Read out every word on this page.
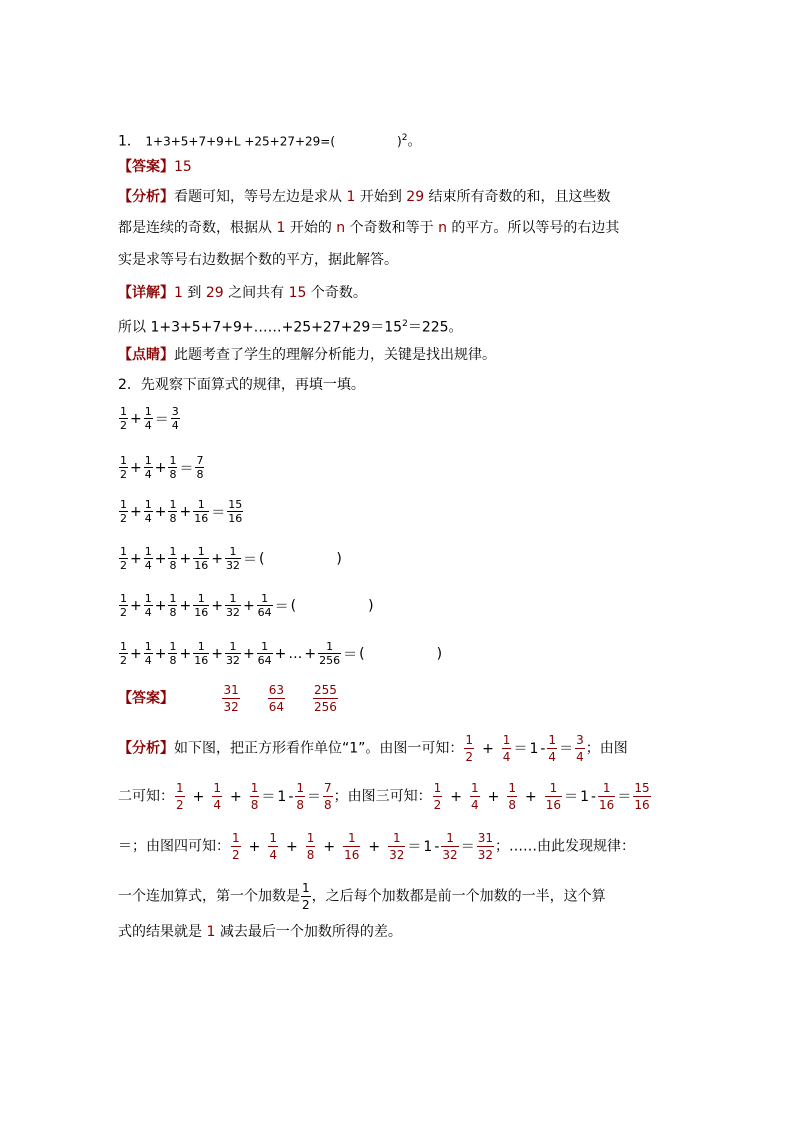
1． 1+3+5+7+9+L +25+27+29=(	)$^2$。
【答案】15
【分析】看题可知，等号左边是求从 1 开始到 29 结束所有奇数的和，且这些数
都是连续的奇数，根据从 1 开始的 n 个奇数和等于 n 的平方。所以等号的右边其
实是求等号右边数据个数的平方，据此解答。
【详解】1 到 29 之间共有 15 个奇数。
所以 $1+3+5+7+9+\dots\dots+25+27+29=15^2=225$。
【点睛】此题考查了学生的理解分析能力，关键是找出规律。
2．先观察下面算式的规律，再填一填。
$\frac{1}{2} + \frac{1}{4} = \frac{3}{4}$
$\frac{1}{2} + \frac{1}{4} + \frac{1}{8} = \frac{7}{8}$
$\frac{1}{2} + \frac{1}{4} + \frac{1}{8} + \frac{1}{16} = \frac{15}{16}$
$\frac{1}{2} + \frac{1}{4} + \frac{1}{8} + \frac{1}{16} + \frac{1}{32}$ ＝ (	)
$\frac{1}{2} + \frac{1}{4} + \frac{1}{8} + \frac{1}{16} + \frac{1}{32} + \frac{1}{64}$ ＝ (	)
$\frac{1}{2} + \frac{1}{4} + \frac{1}{8} + \frac{1}{16} + \frac{1}{32} + \frac{1}{64}$ + … + $\frac{1}{256}$ ＝ (	)
【答案】	$\frac{31}{32} \frac{63}{64} \frac{255}{256}$
【分析】如下图，把正方形看作单位“1”。由图一可知： $\frac{1}{2} + \frac{1}{4} = 1 - \frac{1}{4} = \frac{3}{4}$ ；由图
二可知： $\frac{1}{2} + \frac{1}{4} + \frac{1}{8} = 1 - \frac{1}{8} = \frac{7}{8}$ ；由图三可知： $\frac{1}{2} + \frac{1}{4} + \frac{1}{8} + \frac{1}{16} = 1 - \frac{1}{16} = \frac{15}{16}$
＝；由图四可知： $\frac{1}{2} + \frac{1}{4} + \frac{1}{8} + \frac{1}{16} + \frac{1}{32} = 1 - \frac{1}{32} = \frac{31}{32}$ ；……由此发现规律：
一个连加算式，第一个加数是 $\frac{1}{2}$ ，之后每个加数都是前一个加数的一半，这个算
式的结果就是 1 减去最后一个加数所得的差。
